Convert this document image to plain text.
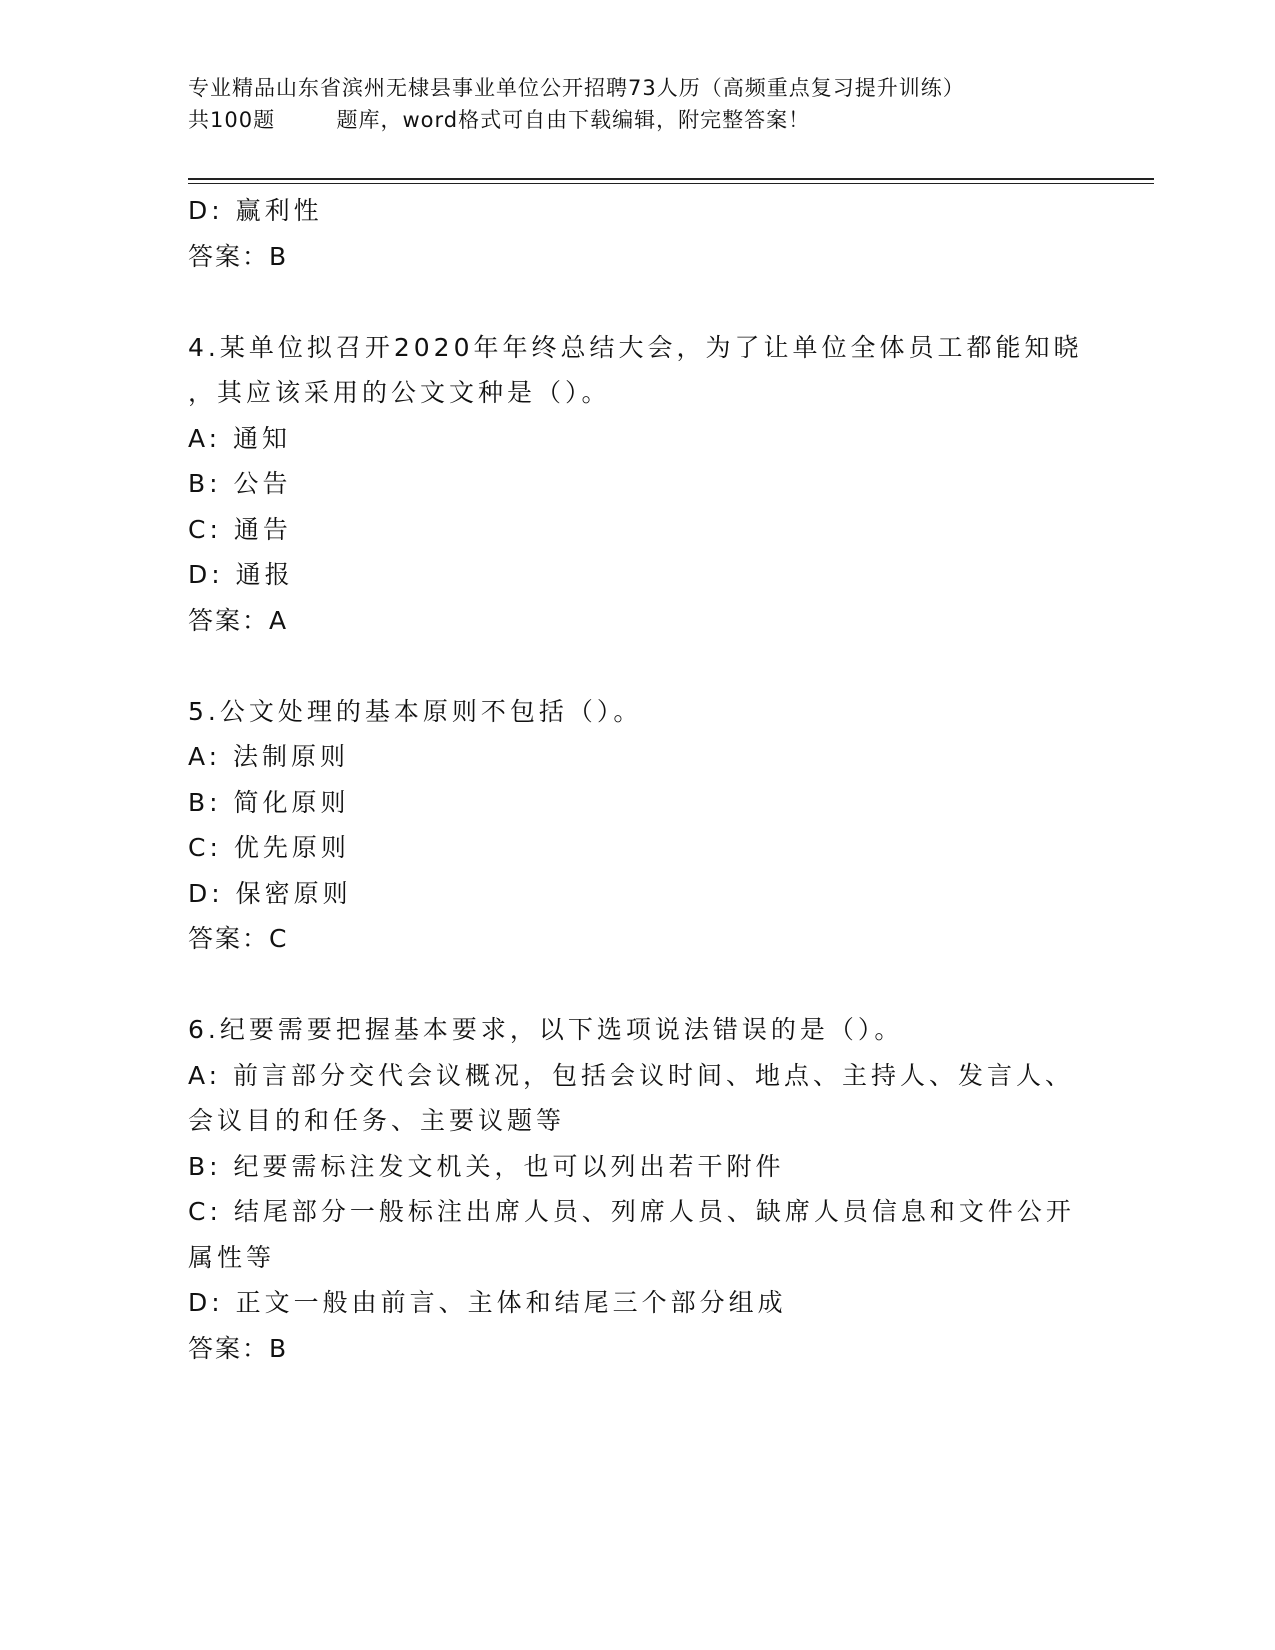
专业精品山东省滨州无棣县事业单位公开招聘73人历（高频重点复习提升训练）
共100题        题库，word格式可自由下载编辑，附完整答案！
D: 赢利性
答案：B
4.某单位拟召开2020年年终总结大会，为了让单位全体员工都能知晓
，其应该采用的公文文种是（）。
A: 通知
B: 公告
C: 通告
D: 通报
答案：A
5.公文处理的基本原则不包括（）。
A: 法制原则
B: 简化原则
C: 优先原则
D: 保密原则
答案：C
6.纪要需要把握基本要求，以下选项说法错误的是（）。
A: 前言部分交代会议概况，包括会议时间、地点、主持人、发言人、
会议目的和任务、主要议题等
B: 纪要需标注发文机关，也可以列出若干附件
C: 结尾部分一般标注出席人员、列席人员、缺席人员信息和文件公开
属性等
D: 正文一般由前言、主体和结尾三个部分组成
答案：B
